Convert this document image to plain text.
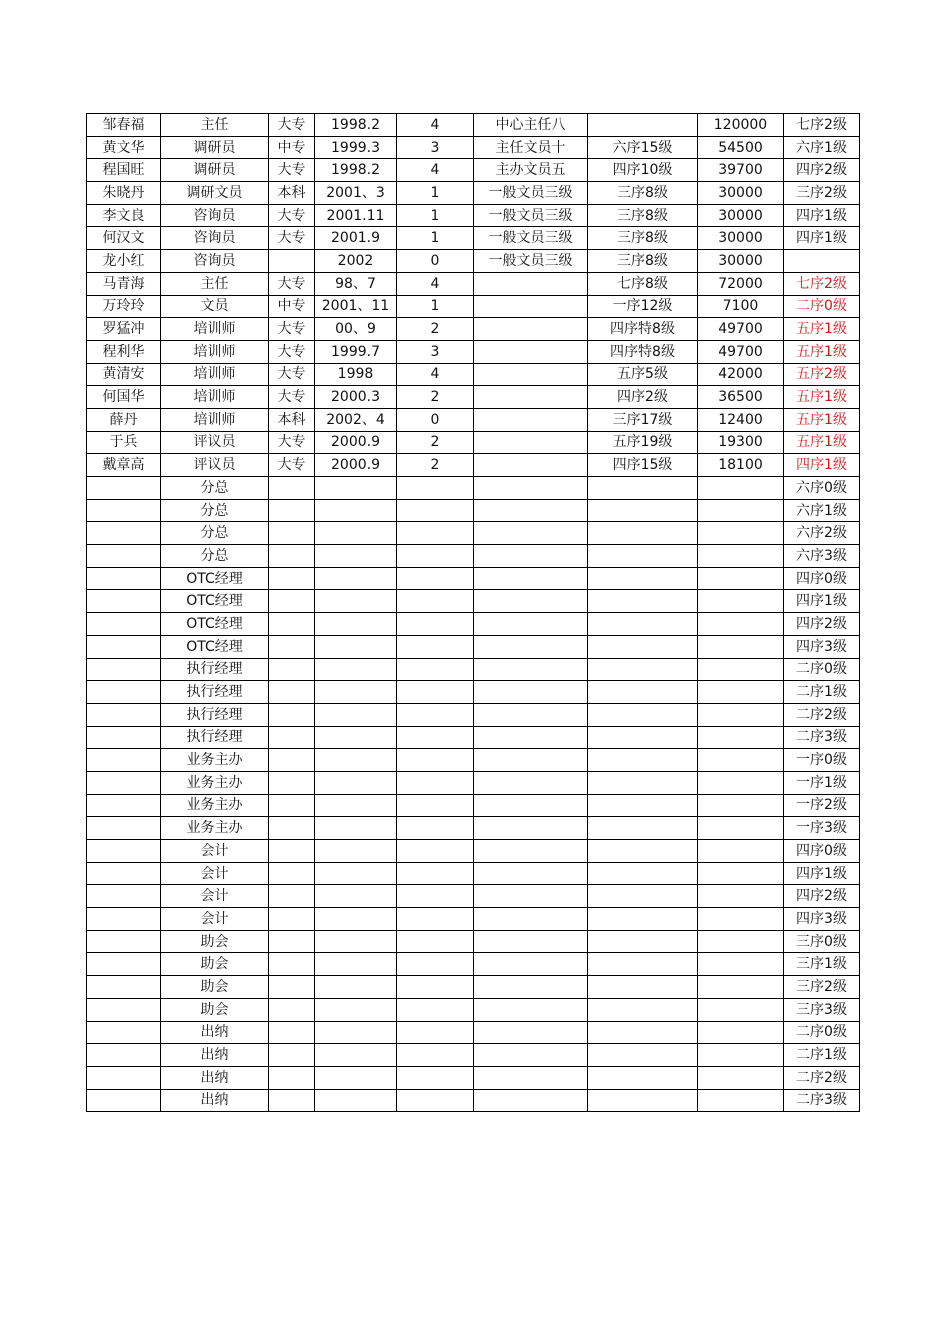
邹春福	主任	大专	1998.2	4	中心主任八		120000	七序2级
黄文华	调研员	中专	1999.3	3	主任文员十	六序15级	54500	六序1级
程国旺	调研员	大专	1998.2	4	主办文员五	四序10级	39700	四序2级
朱晓丹	调研文员	本科	2001、3	1	一般文员三级	三序8级	30000	三序2级
李文良	咨询员	大专	2001.11	1	一般文员三级	三序8级	30000	四序1级
何汉文	咨询员	大专	2001.9	1	一般文员三级	三序8级	30000	四序1级
龙小红	咨询员		2002	0	一般文员三级	三序8级	30000	
马青海	主任	大专	98、7	4		七序8级	72000	七序2级
万玲玲	文员	中专	2001、11	1		一序12级	7100	二序0级
罗猛冲	培训师	大专	00、9	2		四序特8级	49700	五序1级
程利华	培训师	大专	1999.7	3		四序特8级	49700	五序1级
黄清安	培训师	大专	1998	4		五序5级	42000	五序2级
何国华	培训师	大专	2000.3	2		四序2级	36500	五序1级
薛丹	培训师	本科	2002、4	0		三序17级	12400	五序1级
于兵	评议员	大专	2000.9	2		五序19级	19300	五序1级
戴章高	评议员	大专	2000.9	2		四序15级	18100	四序1级
	分总							六序0级
	分总							六序1级
	分总							六序2级
	分总							六序3级
	OTC经理							四序0级
	OTC经理							四序1级
	OTC经理							四序2级
	OTC经理							四序3级
	执行经理							二序0级
	执行经理							二序1级
	执行经理							二序2级
	执行经理							二序3级
	业务主办							一序0级
	业务主办							一序1级
	业务主办							一序2级
	业务主办							一序3级
	会计							四序0级
	会计							四序1级
	会计							四序2级
	会计							四序3级
	助会							三序0级
	助会							三序1级
	助会							三序2级
	助会							三序3级
	出纳							二序0级
	出纳							二序1级
	出纳							二序2级
	出纳							二序3级
